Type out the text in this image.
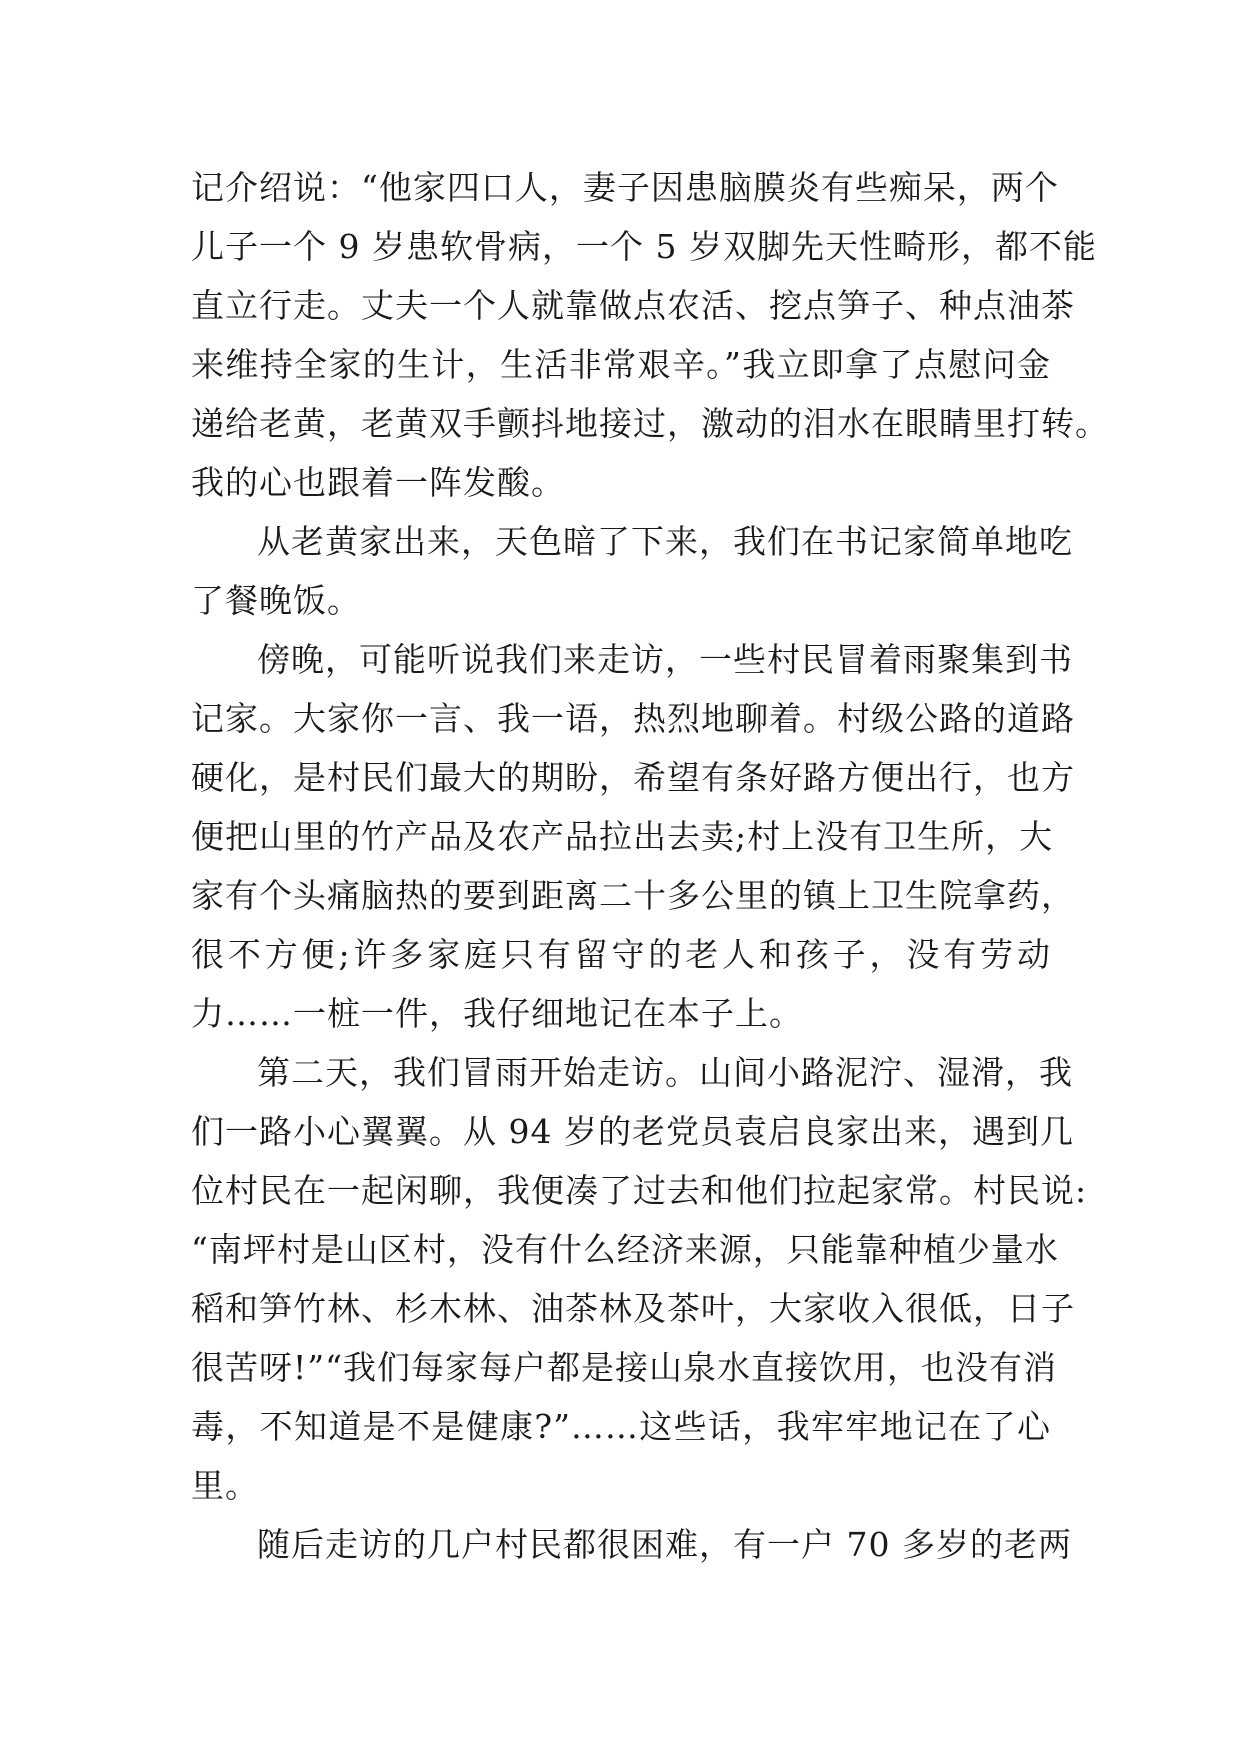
记介绍说：“他家四口人，妻子因患脑膜炎有些痴呆，两个
儿子一个 9 岁患软骨病，一个 5 岁双脚先天性畸形，都不能
直立行走。丈夫一个人就靠做点农活、挖点笋子、种点油茶
来维持全家的生计，生活非常艰辛。”我立即拿了点慰问金
递给老黄，老黄双手颤抖地接过，激动的泪水在眼睛里打转。
我的心也跟着一阵发酸。
从老黄家出来，天色暗了下来，我们在书记家简单地吃
了餐晚饭。
傍晚，可能听说我们来走访，一些村民冒着雨聚集到书
记家。大家你一言、我一语，热烈地聊着。村级公路的道路
硬化，是村民们最大的期盼，希望有条好路方便出行，也方
便把山里的竹产品及农产品拉出去卖;村上没有卫生所，大
家有个头痛脑热的要到距离二十多公里的镇上卫生院拿药，
很不方便;许多家庭只有留守的老人和孩子，没有劳动
力……一桩一件，我仔细地记在本子上。
第二天，我们冒雨开始走访。山间小路泥泞、湿滑，我
们一路小心翼翼。从 94 岁的老党员袁启良家出来，遇到几
位村民在一起闲聊，我便凑了过去和他们拉起家常。村民说:
“南坪村是山区村，没有什么经济来源，只能靠种植少量水
稻和笋竹林、杉木林、油茶林及茶叶，大家收入很低，日子
很苦呀!”“我们每家每户都是接山泉水直接饮用，也没有消
毒，不知道是不是健康?”……这些话，我牢牢地记在了心
里。
随后走访的几户村民都很困难，有一户 70 多岁的老两
